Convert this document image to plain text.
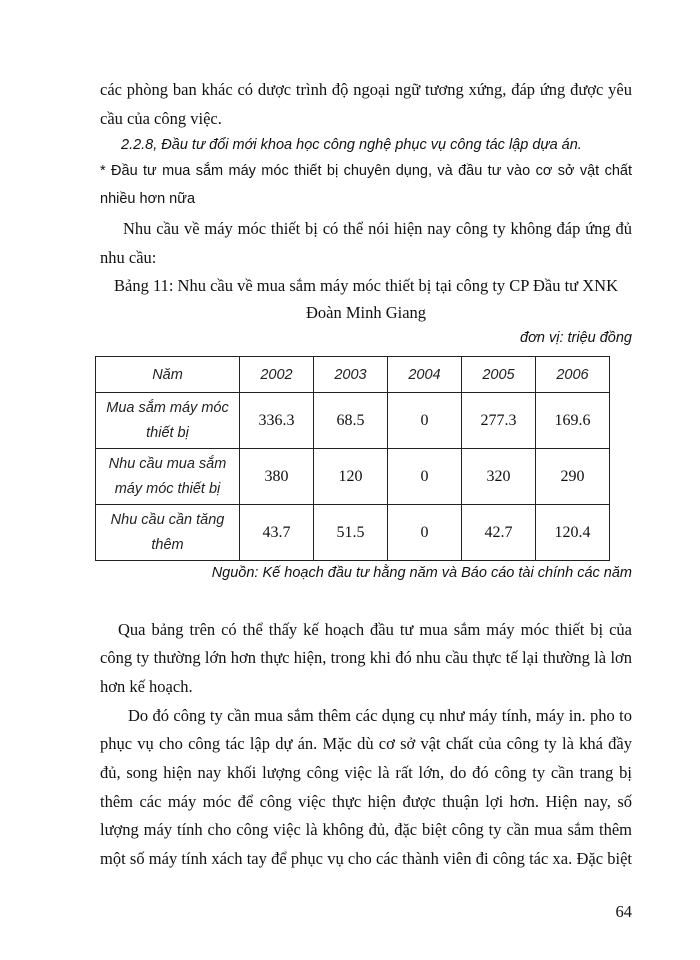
các phòng ban khác có dược trình độ ngoại ngữ tương xứng, đáp ứng được yêu
cầu của công việc.
2.2.8, Đầu tư đổi mới khoa học công nghệ phục vụ công tác lập dựa án.
* Đầu tư mua sắm máy móc thiết bị chuyên dụng, và đầu tư vào cơ sở vật chất
nhiều hơn nữa
Nhu cầu về máy móc thiết bị có thể nói hiện nay công ty không đáp ứng đủ
nhu cầu:
Bảng 11: Nhu cầu về mua sắm máy móc thiết bị tại công ty CP Đầu tư XNK
Đoàn Minh Giang
đơn vị: triệu đồng
Năm	2002	2003	2004	2005	2006

Mua sắm máy móc
thiết bị	336.3	68.5	0	277.3	169.6

Nhu cầu mua sắm
máy móc thiết bị	380	120	0	320	290

Nhu cầu cần tăng
thêm	43.7	51.5	0	42.7	120.4
Nguồn: Kế hoạch đầu tư hằng năm và Báo cáo tài chính các năm
Qua bảng trên có thể thấy kế hoạch đầu tư mua sắm máy móc thiết bị của
công ty thường lớn hơn thực hiện, trong khi đó nhu cầu thực tế lại thường là lơn
hơn kế hoạch.
Do đó công ty cần mua sắm thêm các dụng cụ như máy tính, máy in. pho to
phục vụ cho công tác lập dự án. Mặc dù cơ sở vật chất của công ty là khá đầy
đủ, song hiện nay khối lượng công việc là rất lớn, do đó công ty cần trang bị
thêm các máy móc để công việc thực hiện được thuận lợi hơn. Hiện nay, số
lượng máy tính cho công việc là không đủ, đặc biệt công ty cần mua sắm thêm
một số máy tính xách tay để phục vụ cho các thành viên đi công tác xa. Đặc biệt
64
